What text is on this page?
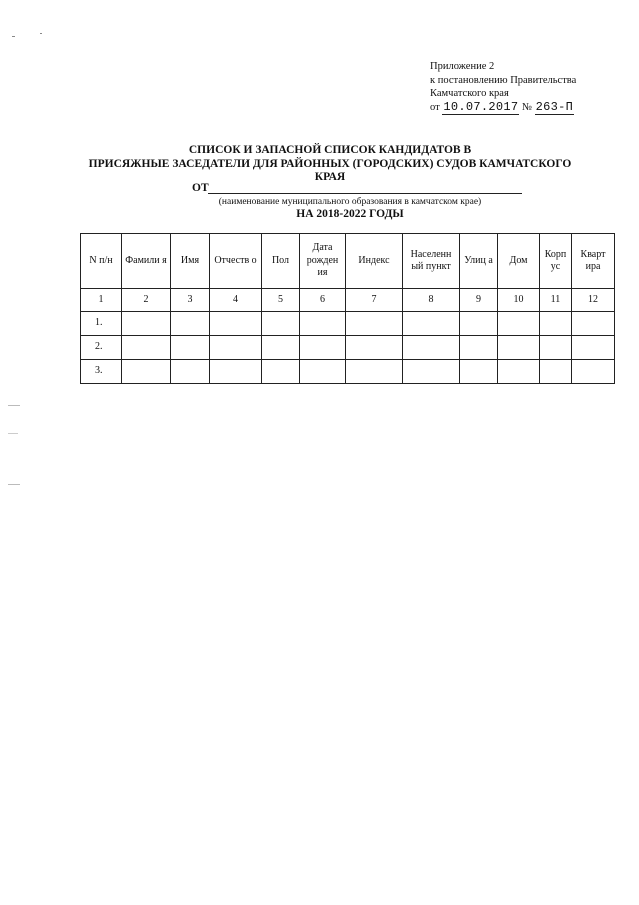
Приложение 2
к постановлению Правительства
Камчатского края
от 10.07.2017 № 263-П
СПИСОК И ЗАПАСНОЙ СПИСОК КАНДИДАТОВ В
ПРИСЯЖНЫЕ ЗАСЕДАТЕЛИ ДЛЯ РАЙОННЫХ (ГОРОДСКИХ) СУДОВ КАМЧАТСКОГО
КРАЯ
ОТ
(наименование муниципального образования в камчатском крае)
НА 2018-2022 ГОДЫ
N п/н	Фамили я	Имя	Отчеств о	Пол	Дата рожден ия	Индекс	Населенн ый пункт	Улиц а	Дом	Корп ус	Кварт ира
1	2	3	4	5	6	7	8	9	10	11	12
1.											
2.											
3.											
